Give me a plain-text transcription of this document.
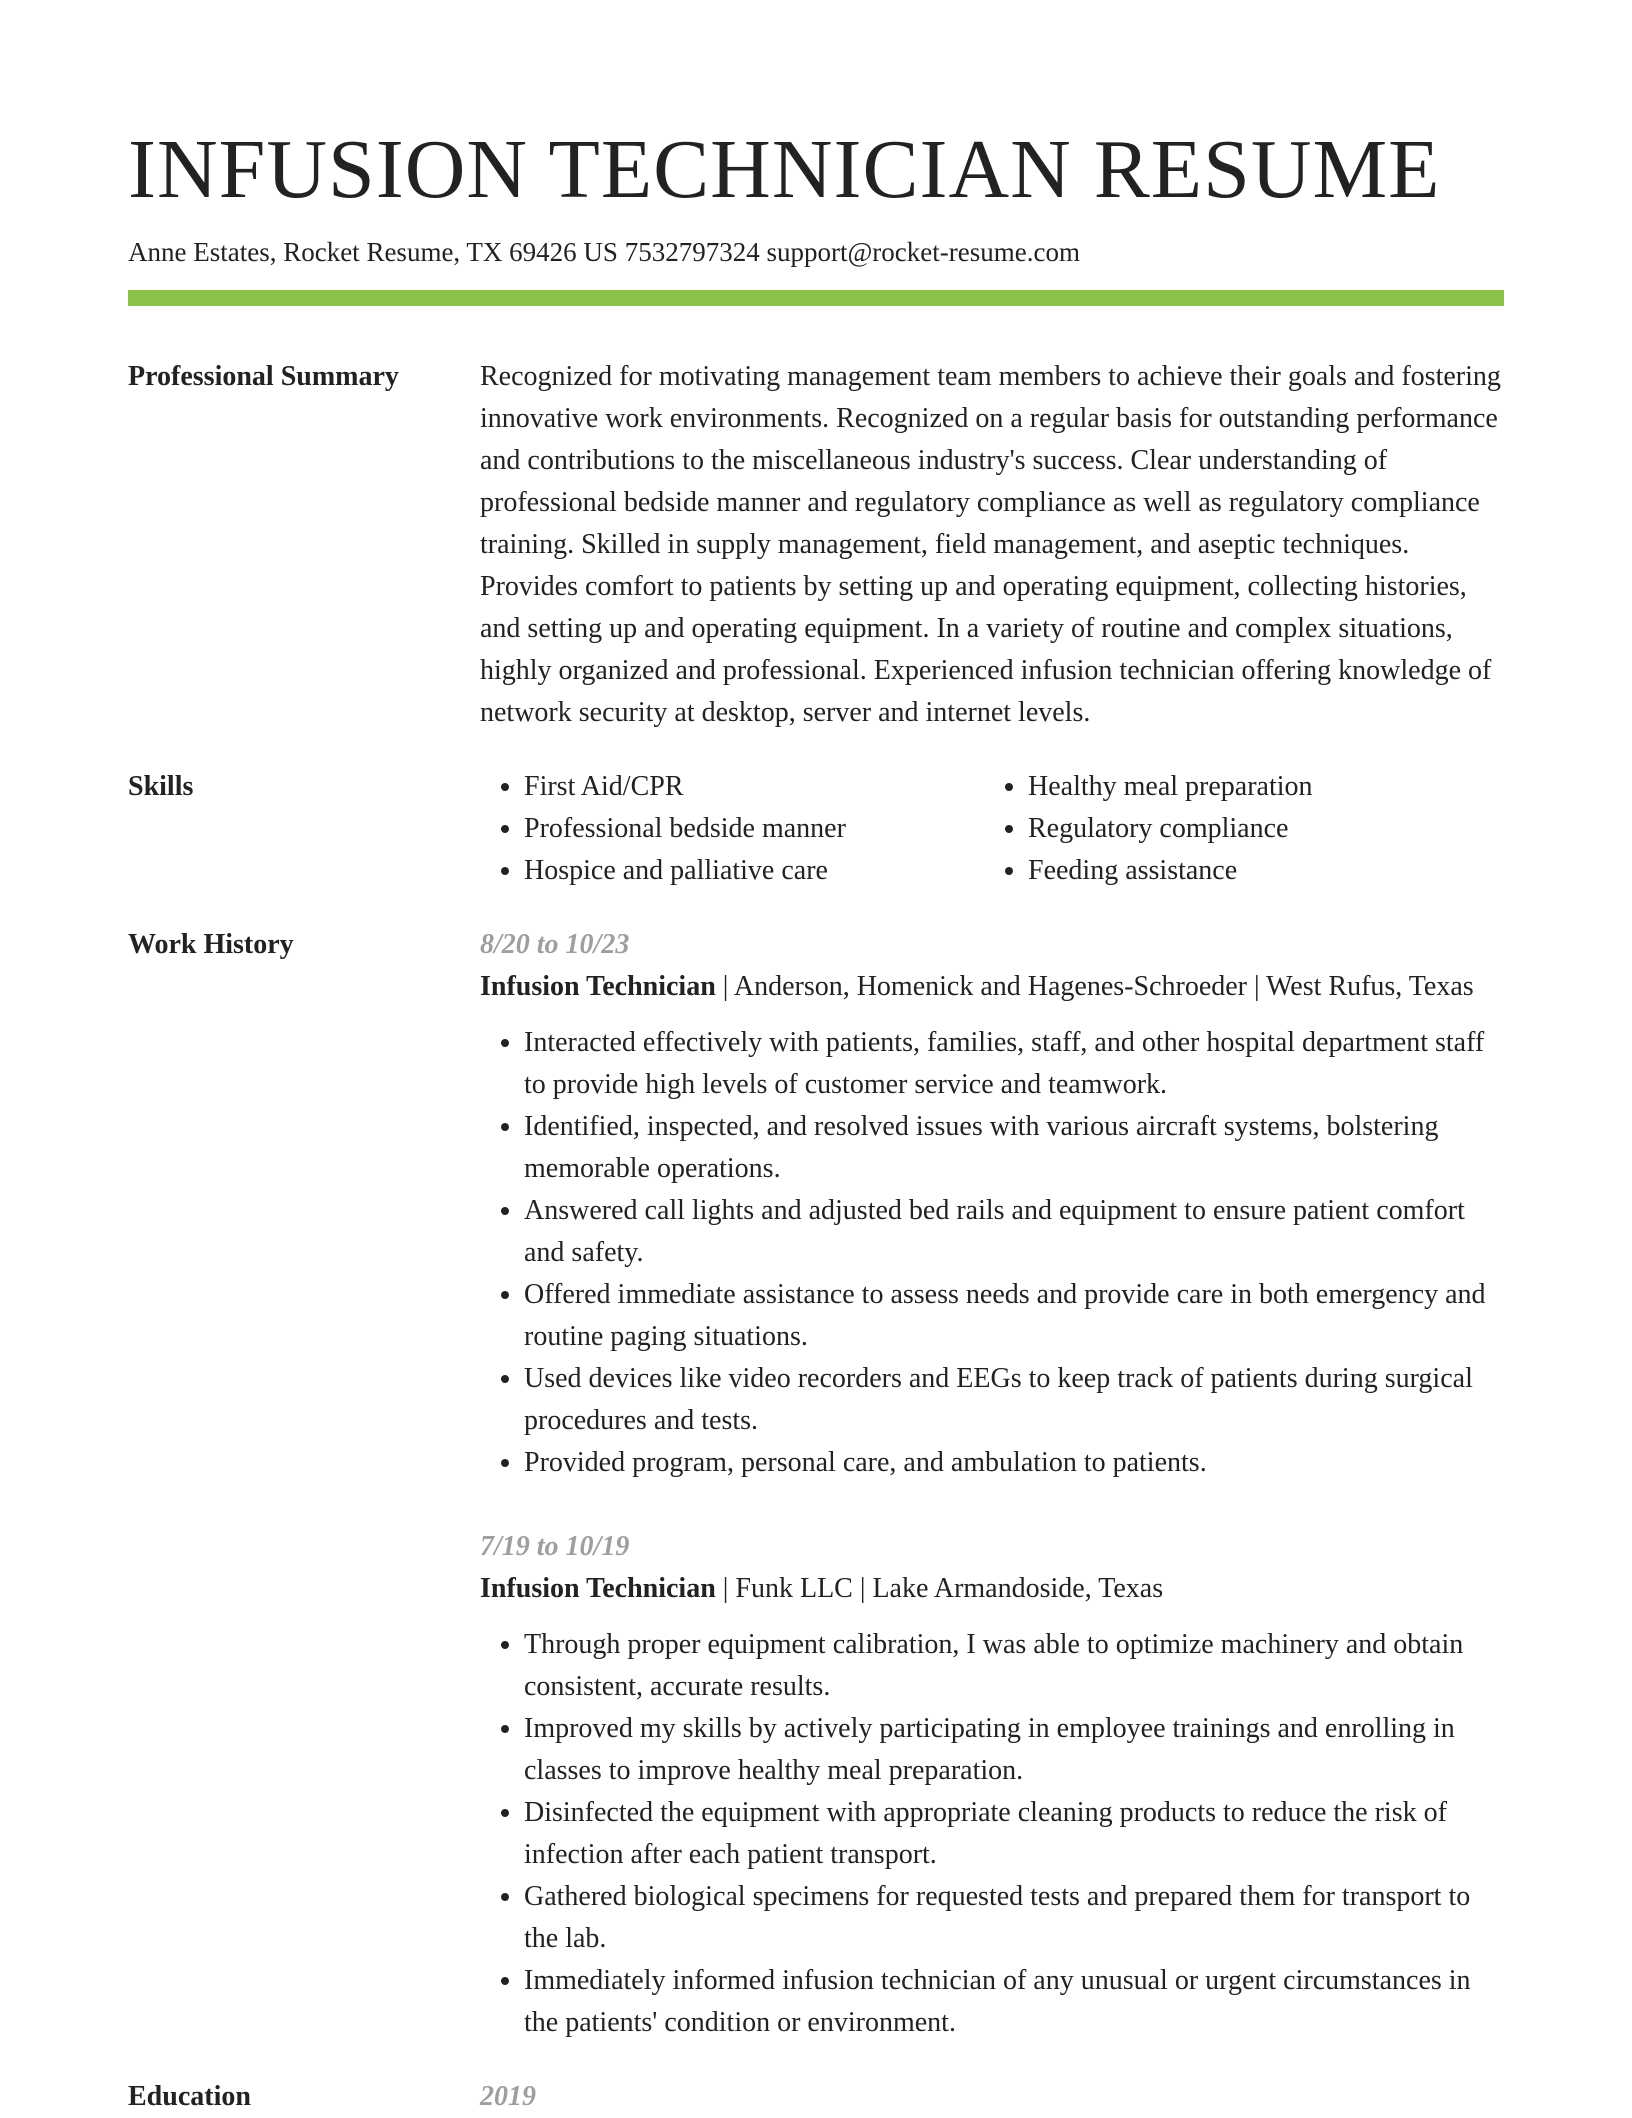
INFUSION TECHNICIAN RESUME
Anne Estates, Rocket Resume, TX 69426 US 7532797324 support@rocket-resume.com
Professional Summary	Recognized for motivating management team members to achieve their goals and fostering innovative work environments. Recognized on a regular basis for outstanding performance and contributions to the miscellaneous industry's success. Clear understanding of professional bedside manner and regulatory compliance as well as regulatory compliance training. Skilled in supply management, field management, and aseptic techniques. Provides comfort to patients by setting up and operating equipment, collecting histories, and setting up and operating equipment. In a variety of routine and complex situations, highly organized and professional. Experienced infusion technician offering knowledge of network security at desktop, server and internet levels.

Skills
•	First Aid/CPR
• Professional bedside manner
• Hospice and palliative care
• Healthy meal preparation
• Regulatory compliance
• Feeding assistance
Work History	8/20 to 10/23
Infusion Technician | Anderson, Homenick and Hagenes-Schroeder | West Rufus, Texas
• Interacted effectively with patients, families, staff, and other hospital department staff to provide high levels of customer service and teamwork.
• Identified, inspected, and resolved issues with various aircraft systems, bolstering memorable operations.
• Answered call lights and adjusted bed rails and equipment to ensure patient comfort and safety.
• Offered immediate assistance to assess needs and provide care in both emergency and routine paging situations.
• Used devices like video recorders and EEGs to keep track of patients during surgical procedures and tests.
• Provided program, personal care, and ambulation to patients.
7/19 to 10/19
Infusion Technician | Funk LLC | Lake Armandoside, Texas
• Through proper equipment calibration, I was able to optimize machinery and obtain consistent, accurate results.
• Improved my skills by actively participating in employee trainings and enrolling in classes to improve healthy meal preparation.
• Disinfected the equipment with appropriate cleaning products to reduce the risk of infection after each patient transport.
• Gathered biological specimens for requested tests and prepared them for transport to the lab.
• Immediately informed infusion technician of any unusual or urgent circumstances in the patients' condition or environment.
Education	2019
